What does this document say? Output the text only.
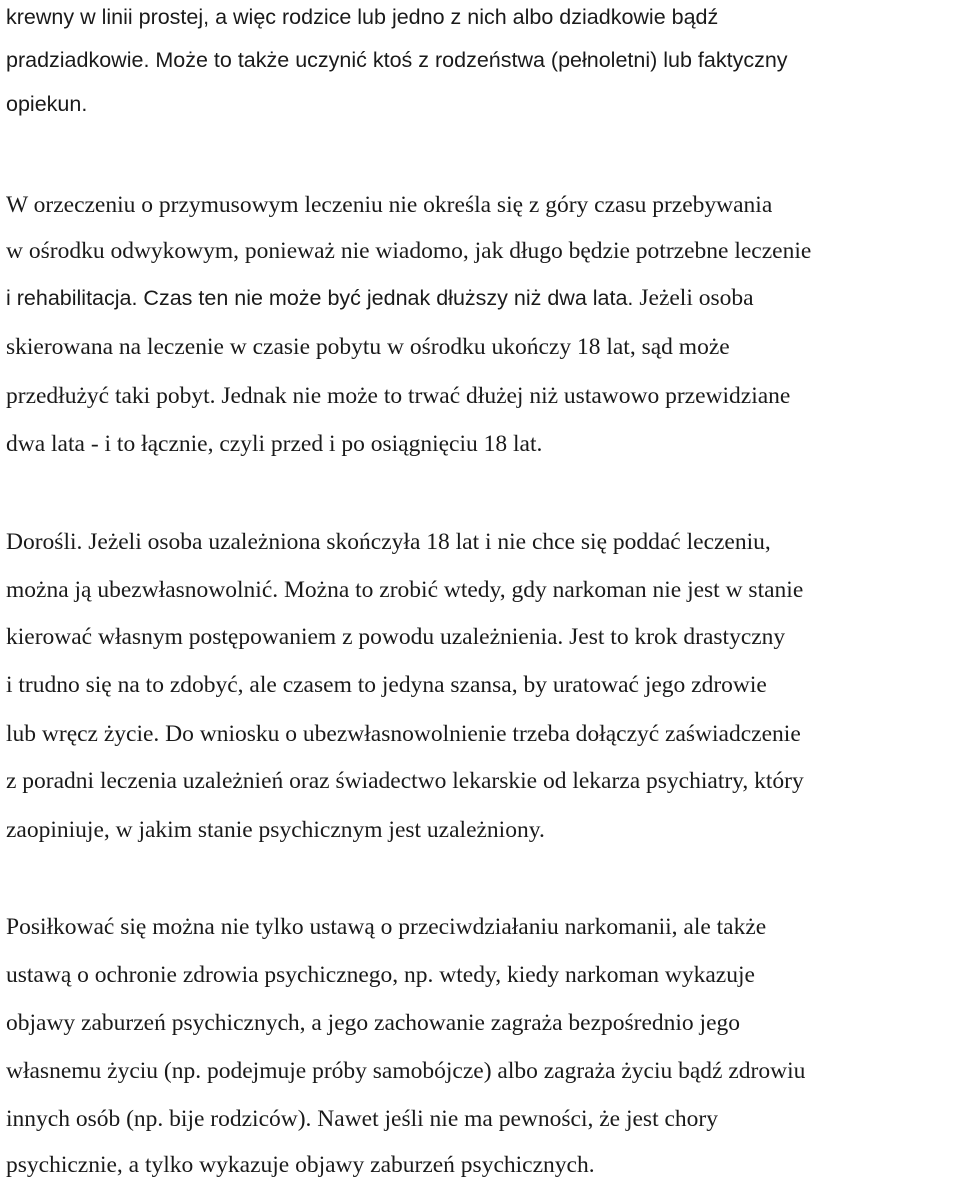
krewny w linii prostej, a więc rodzice lub jedno z nich albo dziadkowie bądź
pradziadkowie. Może to także uczynić ktoś z rodzeństwa (pełnoletni) lub faktyczny
opiekun.
W orzeczeniu o przymusowym leczeniu nie określa się z góry czasu przebywania
w ośrodku odwykowym, ponieważ nie wiadomo, jak długo będzie potrzebne leczenie
i rehabilitacja. Czas ten nie może być jednak dłuższy niż dwa lata. Jeżeli osoba
skierowana na leczenie w czasie pobytu w ośrodku ukończy 18 lat, sąd może
przedłużyć taki pobyt. Jednak nie może to trwać dłużej niż ustawowo przewidziane
dwa lata - i to łącznie, czyli przed i po osiągnięciu 18 lat.
Dorośli. Jeżeli osoba uzależniona skończyła 18 lat i nie chce się poddać leczeniu,
można ją ubezwłasnowolnić. Można to zrobić wtedy, gdy narkoman nie jest w stanie
kierować własnym postępowaniem z powodu uzależnienia. Jest to krok drastyczny
i trudno się na to zdobyć, ale czasem to jedyna szansa, by uratować jego zdrowie
lub wręcz życie. Do wniosku o ubezwłasnowolnienie trzeba dołączyć zaświadczenie
z poradni leczenia uzależnień oraz świadectwo lekarskie od lekarza psychiatry, który
zaopiniuje, w jakim stanie psychicznym jest uzależniony.
Posiłkować się można nie tylko ustawą o przeciwdziałaniu narkomanii, ale także
ustawą o ochronie zdrowia psychicznego, np. wtedy, kiedy narkoman wykazuje
objawy zaburzeń psychicznych, a jego zachowanie zagraża bezpośrednio jego
własnemu życiu (np. podejmuje próby samobójcze) albo zagraża życiu bądź zdrowiu
innych osób (np. bije rodziców). Nawet jeśli nie ma pewności, że jest chory
psychicznie, a tylko wykazuje objawy zaburzeń psychicznych.
